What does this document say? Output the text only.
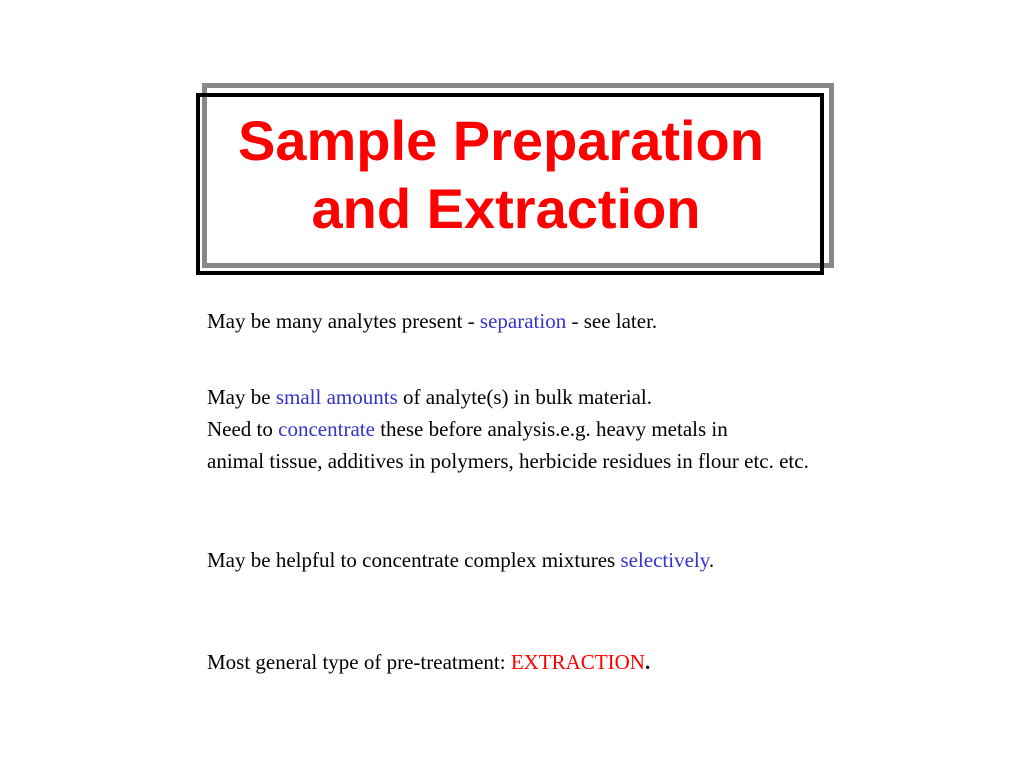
Sample Preparation
and Extraction

May be many analytes present - separation - see later.

May be small amounts of analyte(s) in bulk material.
Need to concentrate these before analysis.e.g. heavy metals in
animal tissue, additives in polymers, herbicide residues in flour etc. etc.

May be helpful to concentrate complex mixtures selectively.

Most general type of pre-treatment: EXTRACTION.
